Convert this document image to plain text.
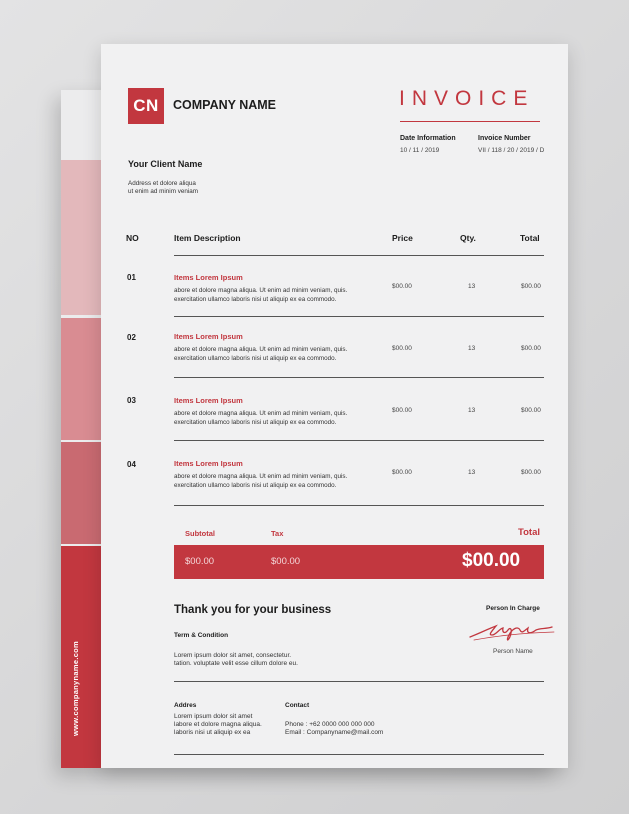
www.companyname.com
CN	COMPANY NAME	INVOICE
Date Information
10 / 11 / 2019
Invoice Number
VII / 118 / 20 / 2019 / D
Your Client Name
Address et dolore aliqua
ut enim ad minim veniam
NO	Item Description	Price	Qty.	Total
01	Items Lorem Ipsum
abore et dolore magna aliqua. Ut enim ad minim veniam, quis.
exercitation ullamco laboris nisi ut aliquip ex ea commodo.
$00.00	13	$00.00
02	Items Lorem Ipsum
abore et dolore magna aliqua. Ut enim ad minim veniam, quis.
exercitation ullamco laboris nisi ut aliquip ex ea commodo.
$00.00	13	$00.00
03	Items Lorem Ipsum
abore et dolore magna aliqua. Ut enim ad minim veniam, quis.
exercitation ullamco laboris nisi ut aliquip ex ea commodo.
$00.00	13	$00.00
04	Items Lorem Ipsum
abore et dolore magna aliqua. Ut enim ad minim veniam, quis.
exercitation ullamco laboris nisi ut aliquip ex ea commodo.
$00.00	13	$00.00
Subtotal	Tax	Total
$00.00	$00.00	$00.00
Thank you for your business
Term & Condition
Lorem ipsum dolor sit amet, consectetur.
tation. voluptate velit esse cillum dolore eu.
Person In Charge
Person Name
Addres
Lorem ipsum dolor sit amet
labore et dolore magna aliqua.
laboris nisi ut aliquip ex ea
Contact
Phone : +62 0000 000 000 000
Email : Companyname@mail.com
